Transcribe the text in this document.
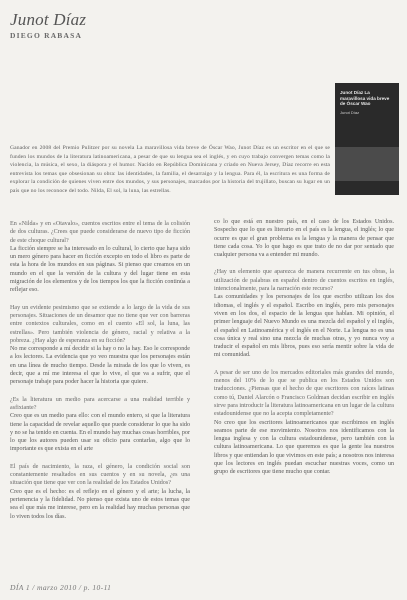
Junot Díaz
DIEGO RABASA
Junot Díaz La maravillosa vida breve de Óscar Wao
Junot Díaz
Ganador en 2008 del Premio Pulitzer por su novela La maravillosa vida breve de Óscar Wao, Junot Díaz es un escritor en el que se funden los mundos de la literatura latinoamericana, a pesar de que su lengua sea el inglés, y en cuyo trabajo convergen temas como la violencia, la música, el sexo, la diáspora y el humor. Nacido en República Dominicana y criado en Nueva Jersey, Díaz recorre en esta entrevista los temas que obsesionan su obra: las identidades, la familia, el desarraigo y la lengua. Para él, la escritura es una forma de explorar la condición de quienes viven entre dos mundos, y sus personajes, marcados por la historia del trujillato, buscan su lugar en un país que no los reconoce del todo. Nilda, El sol, la luna, las estrellas.

En «Nilda» y en «Otavalo», cuentos escritos entre el tema de la colisión de dos culturas. ¿Crees que puede considerarse de nuevo tipo de ficción de este choque cultural?

La ficción siempre se ha interesado en lo cultural, lo cierto que haya sido un mero género para hacer en ficción excepto en todo el libro es parte de esta la hora de los mundos en sus páginas. Si pienso que creamos en un mundo en el que la versión de la cultura y del lugar tiene en esta migración de los elementos y de los tiempos los que la ficción continúa a reflejar eso.

Hay un evidente pesimismo que se extiende a lo largo de la vida de sus personajes. Situaciones de un desamor que no tiene que ver con barreras entre contextos culturales, como en el cuento «El sol, la luna, las estrellas». Pero también violencia de género, racial y relativa a la pobreza. ¿Hay algo de esperanza en su ficción?

No me corresponde a mí decidir si la hay o no la hay. Eso le corresponde a los lectores. La evidencia que yo veo muestra que los personajes están en una línea de mucho tiempo. Desde la mirada de los que lo viven, es decir, que a mí me interesa el que lo vive, el que va a sufrir, que el personaje trabaje para poder hacer la historia que quiere.

¿Es la literatura un medio para acercarse a una realidad terrible y asfixiante?

Creo que es un medio para ello: con el mundo entero, si que la literatura tiene la capacidad de revelar aquello que puede considerar lo que ha sido y no se ha tenido en cuenta. En el mundo hay muchas cosas horribles, por lo que los autores pueden usar su oficio para contarlas, algo que lo importante es que exista en el arte

El país de nacimiento, la raza, el género, la condición social son constantemente resaltados en sus cuentos y en su novela, ¿es una situación que tiene que ver con la realidad de los Estados Unidos?

Creo que es el hecho: es el reflejo en el género y el arte; la lucha, la pertenencia y la fidelidad. No pienso que exista uno de estos temas que sea el que más me interese, pero en la realidad hay muchas personas que lo viven todos los días.

co lo que está en nuestro país, en el caso de los Estados Unidos. Sospecho que lo que es literario en el país es la lengua, el inglés; lo que ocurre es que el gran problema es la lengua y la manera de pensar que tiene cada cosa. Yo lo que hago es que trato de no dar por sentado que cualquier persona va a entender mi mundo.

¿Hay un elemento que aparezca de manera recurrente en tus obras, la utilización de palabras en español dentro de cuentos escritos en inglés, intencionalmente, para la narración este recurso?

Las comunidades y los personajes de los que escribo utilizan los dos idiomas, el inglés y el español. Escribo en inglés, pero mis personajes viven en los dos, el espacio de la lengua que hablan. Mi opinión, el primer lenguaje del Nuevo Mundo es una mezcla del español y el inglés, el español en Latinoamérica y el inglés en el Norte. La lengua no es una cosa única y real sino una mezcla de muchas otras, y yo nunca voy a traducir el español en mis libros, pues eso sería mentir sobre la vida de mi comunidad.

A pesar de ser uno de los mercados editoriales más grandes del mundo, menos del 10% de lo que se publica en los Estados Unidos son traducciones. ¿Piensas que el hecho de que escritores con raíces latinas como tú, Daniel Alarcón o Francisco Goldman decidan escribir en inglés sirve para introducir la literatura latinoamericana en un lugar de la cultura estadounidense que no la acepta completamente?

No creo que los escritores latinoamericanos que escribimos en inglés seamos parte de ese movimiento. Nosotros nos identificamos con la lengua inglesa y con la cultura estadounidense, pero también con la cultura latinoamericana. Lo que queremos es que la gente lea nuestros libros y que entiendan lo que vivimos en este país; a nosotros nos interesa que los lectores en inglés puedan escuchar nuestras voces, como un grupo de escritores que tiene mucho que contar.

DÍA 1 / marzo 2010 / p. 10-11
